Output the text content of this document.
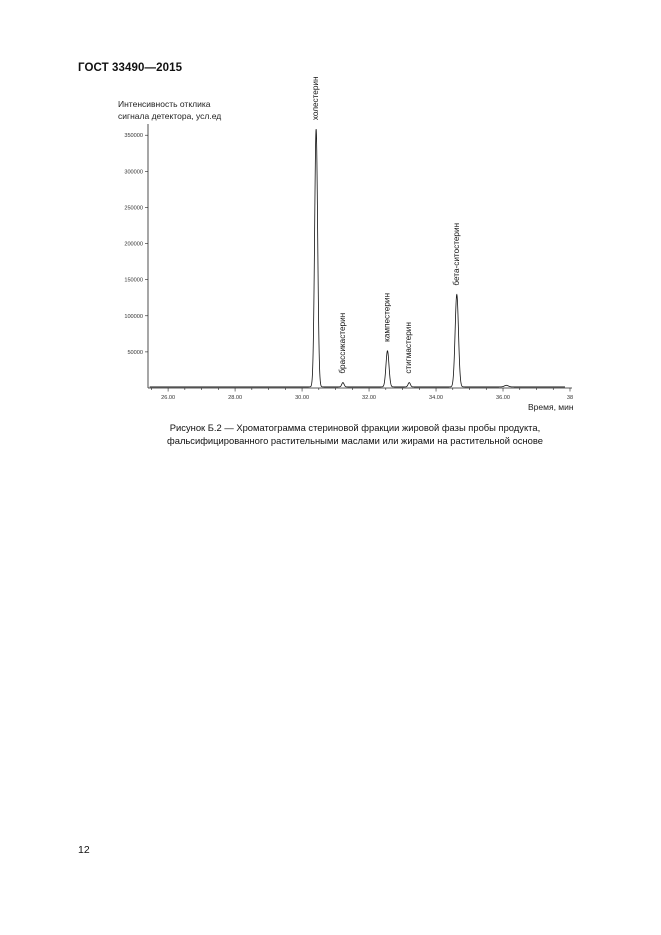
ГОСТ 33490—2015
Интенсивность отклика
сигнала детектора, усл.ед
50000
100000
150000
200000
250000
300000
350000
26.00	28.00	30.00	32.00	34.00	36.00	38
холестерин
брассикастерин	кампестерин
стигмастерин
бета-ситостерин
Время, мин
Рисунок Б.2 — Хроматограмма стериновой фракции жировой фазы пробы продукта,
фальсифицированного растительными маслами или жирами на растительной основе
12
